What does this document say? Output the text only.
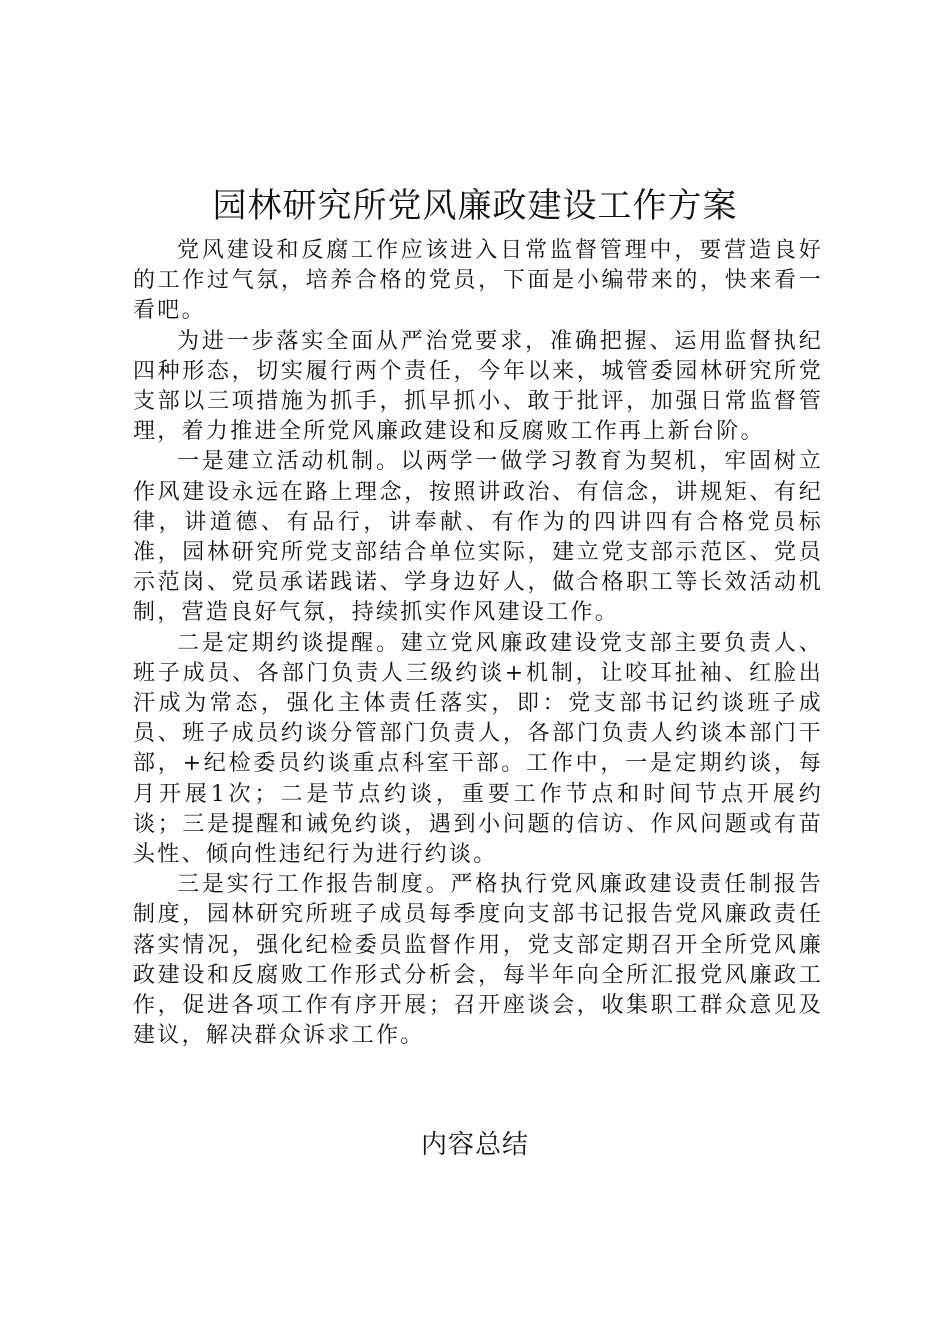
园林研究所党风廉政建设工作方案

党风建设和反腐工作应该进入日常监督管理中，要营造良好的工作过气氛，培养合格的党员，下面是小编带来的，快来看一看吧。

为进一步落实全面从严治党要求，准确把握、运用监督执纪四种形态，切实履行两个责任，今年以来，城管委园林研究所党支部以三项措施为抓手，抓早抓小、敢于批评，加强日常监督管理，着力推进全所党风廉政建设和反腐败工作再上新台阶。

一是建立活动机制。以两学一做学习教育为契机，牢固树立作风建设永远在路上理念，按照讲政治、有信念，讲规矩、有纪律，讲道德、有品行，讲奉献、有作为的四讲四有合格党员标准，园林研究所党支部结合单位实际，建立党支部示范区、党员示范岗、党员承诺践诺、学身边好人，做合格职工等长效活动机制，营造良好气氛，持续抓实作风建设工作。

二是定期约谈提醒。建立党风廉政建设党支部主要负责人、班子成员、各部门负责人三级约谈+机制，让咬耳扯袖、红脸出汗成为常态，强化主体责任落实，即：党支部书记约谈班子成员、班子成员约谈分管部门负责人，各部门负责人约谈本部门干部，+纪检委员约谈重点科室干部。工作中，一是定期约谈，每月开展1次；二是节点约谈，重要工作节点和时间节点开展约谈；三是提醒和诫免约谈，遇到小问题的信访、作风问题或有苗头性、倾向性违纪行为进行约谈。

三是实行工作报告制度。严格执行党风廉政建设责任制报告制度，园林研究所班子成员每季度向支部书记报告党风廉政责任落实情况，强化纪检委员监督作用，党支部定期召开全所党风廉政建设和反腐败工作形式分析会，每半年向全所汇报党风廉政工作，促进各项工作有序开展；召开座谈会，收集职工群众意见及建议，解决群众诉求工作。

内容总结
